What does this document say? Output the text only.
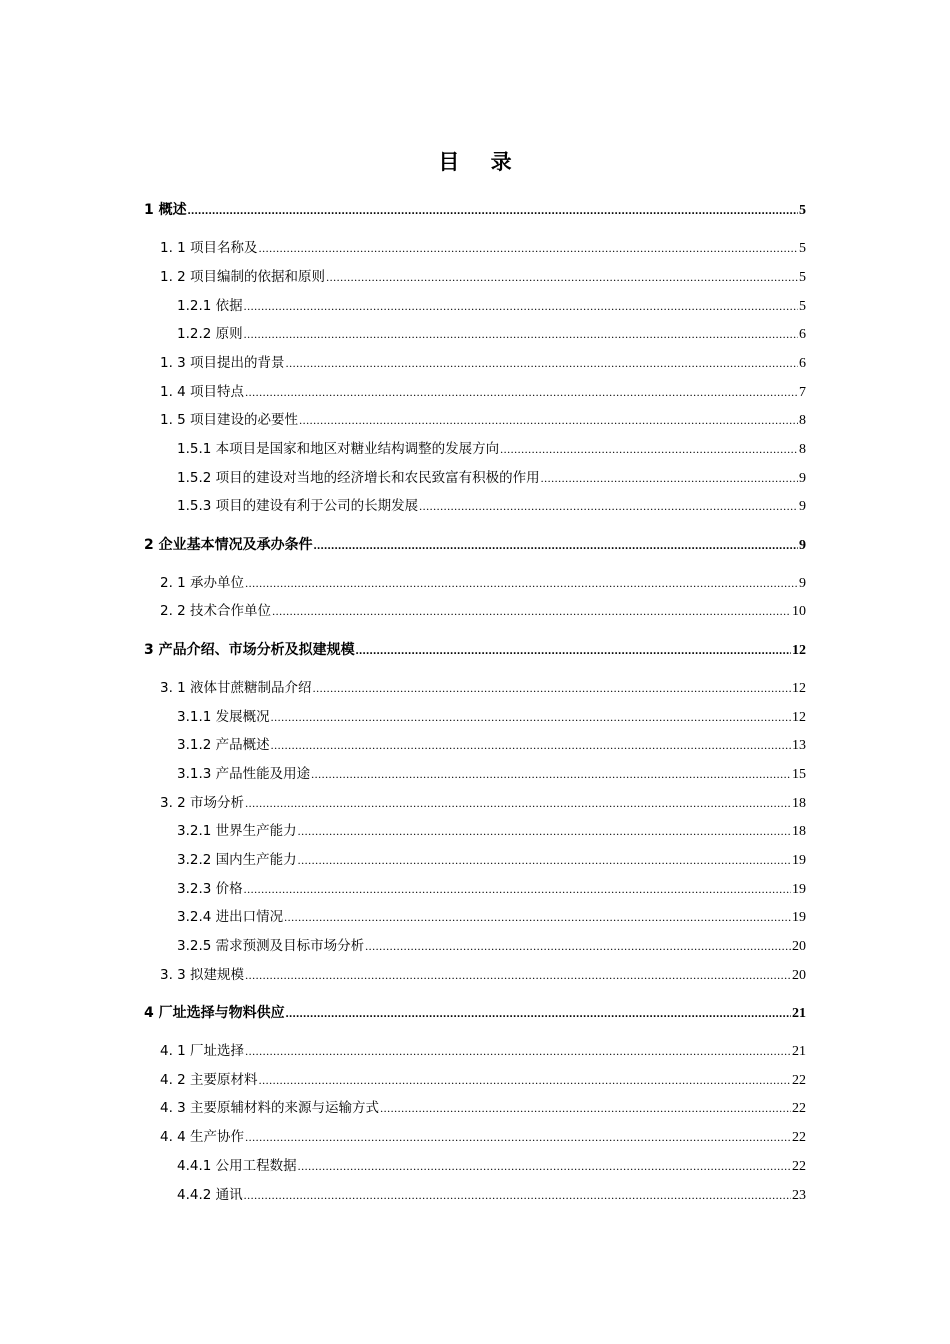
目 录
1 概述 .....	5
1. 1 项目名称及 .....	5
1. 2 项目编制的依据和原则 .....	5
1.2.1 依据 .....	5
1.2.2 原则 .....	6
1. 3 项目提出的背景 .....	6
1. 4 项目特点 .....	7
1. 5 项目建设的必要性 .....	8
1.5.1 本项目是国家和地区对糖业结构调整的发展方向 .....	8
1.5.2 项目的建设对当地的经济增长和农民致富有积极的作用 .....	9
1.5.3 项目的建设有利于公司的长期发展 .....	9
2 企业基本情况及承办条件 .....	9
2. 1 承办单位 .....	9
2. 2 技术合作单位 .....	10
3 产品介绍、市场分析及拟建规模 .....	12
3. 1 液体甘蔗糖制品介绍 .....	12
3.1.1 发展概况 .....	12
3.1.2 产品概述 .....	13
3.1.3 产品性能及用途 .....	15
3. 2 市场分析 .....	18
3.2.1 世界生产能力 .....	18
3.2.2 国内生产能力 .....	19
3.2.3 价格 .....	19
3.2.4 进出口情况 .....	19
3.2.5 需求预测及目标市场分析 .....	20
3. 3 拟建规模 .....	20
4 厂址选择与物料供应 .....	21
4. 1 厂址选择 .....	21
4. 2 主要原材料 .....	22
4. 3 主要原辅材料的来源与运输方式 .....	22
4. 4 生产协作 .....	22
4.4.1 公用工程数据 .....	22
4.4.2 通讯 .....	23
